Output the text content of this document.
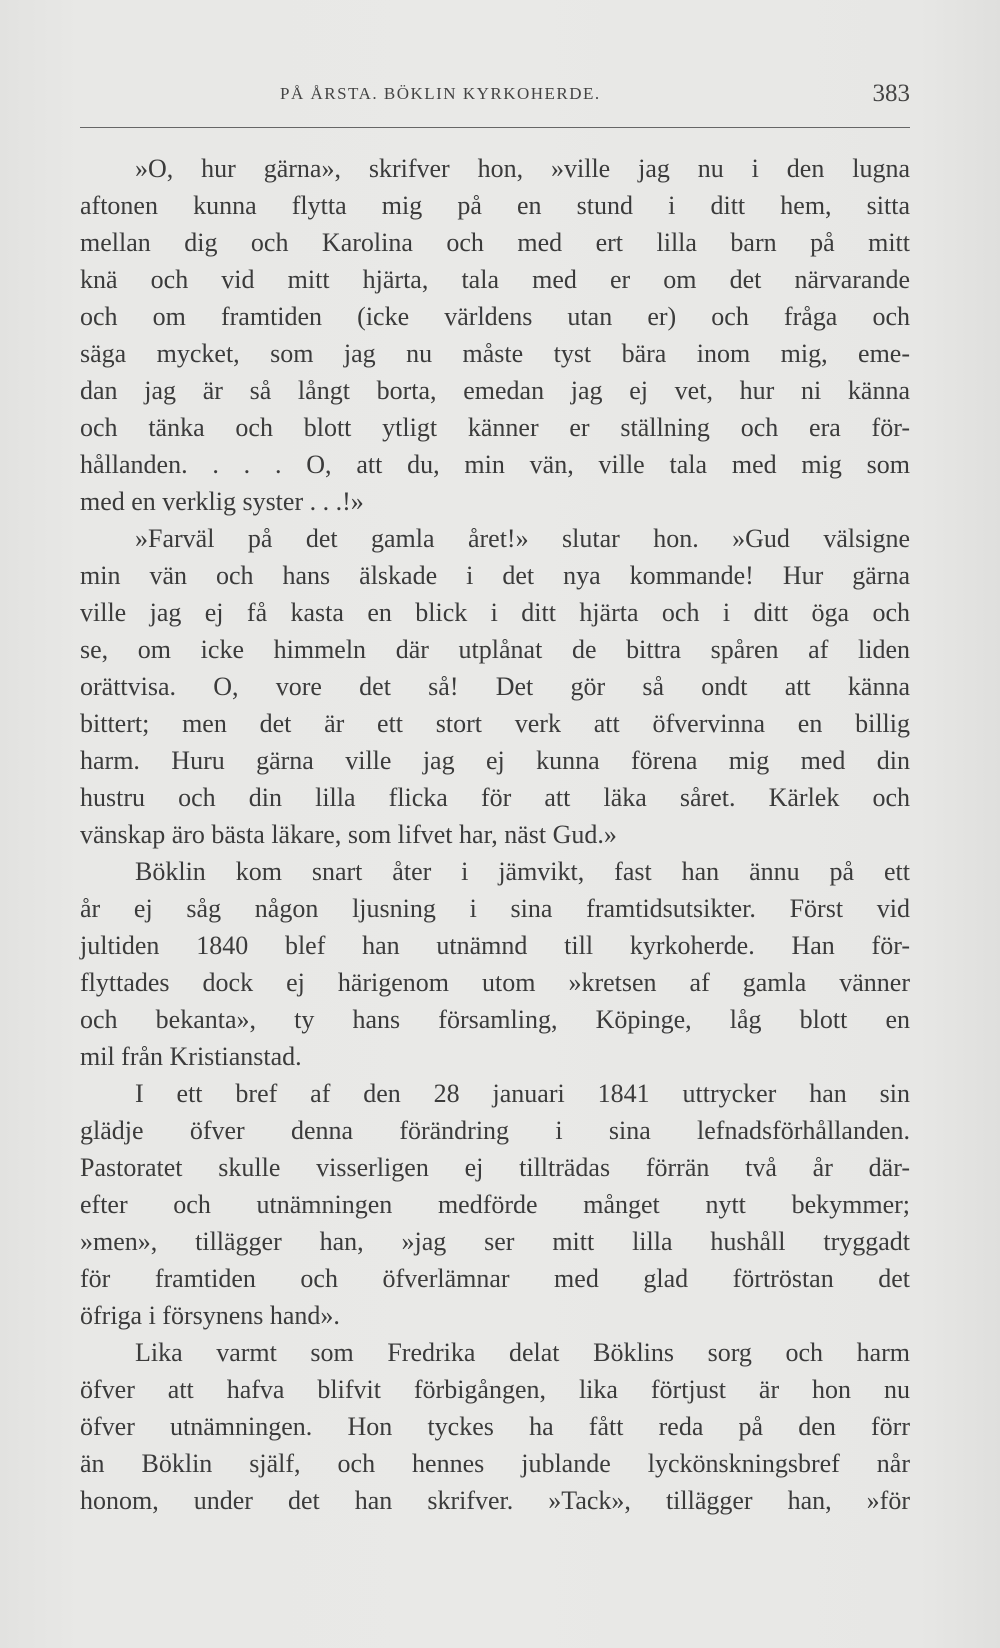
PÅ ÅRSTA. BÖKLIN KYRKOHERDE.	383
»O, hur gärna», skrifver hon, »ville jag nu i den lugna
aftonen kunna flytta mig på en stund i ditt hem, sitta
mellan dig och Karolina och med ert lilla barn på mitt
knä och vid mitt hjärta, tala med er om det närvarande
och om framtiden (icke världens utan er) och fråga och
säga mycket, som jag nu måste tyst bära inom mig, eme-
dan jag är så långt borta, emedan jag ej vet, hur ni känna
och tänka och blott ytligt känner er ställning och era för-
hållanden. . . . O, att du, min vän, ville tala med mig som
med en verklig syster . . .!»
»Farväl på det gamla året!» slutar hon. »Gud välsigne
min vän och hans älskade i det nya kommande! Hur gärna
ville jag ej få kasta en blick i ditt hjärta och i ditt öga och
se, om icke himmeln där utplånat de bittra spåren af liden
orättvisa. O, vore det så! Det gör så ondt att känna
bittert; men det är ett stort verk att öfvervinna en billig
harm. Huru gärna ville jag ej kunna förena mig med din
hustru och din lilla flicka för att läka såret. Kärlek och
vänskap äro bästa läkare, som lifvet har, näst Gud.»
Böklin kom snart åter i jämvikt, fast han ännu på ett
år ej såg någon ljusning i sina framtidsutsikter. Först vid
jultiden 1840 blef han utnämnd till kyrkoherde. Han för-
flyttades dock ej härigenom utom »kretsen af gamla vänner
och bekanta», ty hans församling, Köpinge, låg blott en
mil från Kristianstad.
I ett bref af den 28 januari 1841 uttrycker han sin
glädje öfver denna förändring i sina lefnadsförhållanden.
Pastoratet skulle visserligen ej tillträdas förrän två år där-
efter och utnämningen medförde månget nytt bekymmer;
»men», tillägger han, »jag ser mitt lilla hushåll tryggadt
för framtiden och öfverlämnar med glad förtröstan det
öfriga i försynens hand».
Lika varmt som Fredrika delat Böklins sorg och harm
öfver att hafva blifvit förbigången, lika förtjust är hon nu
öfver utnämningen. Hon tyckes ha fått reda på den förr
än Böklin själf, och hennes jublande lyckönskningsbref når
honom, under det han skrifver. »Tack», tillägger han, »för
